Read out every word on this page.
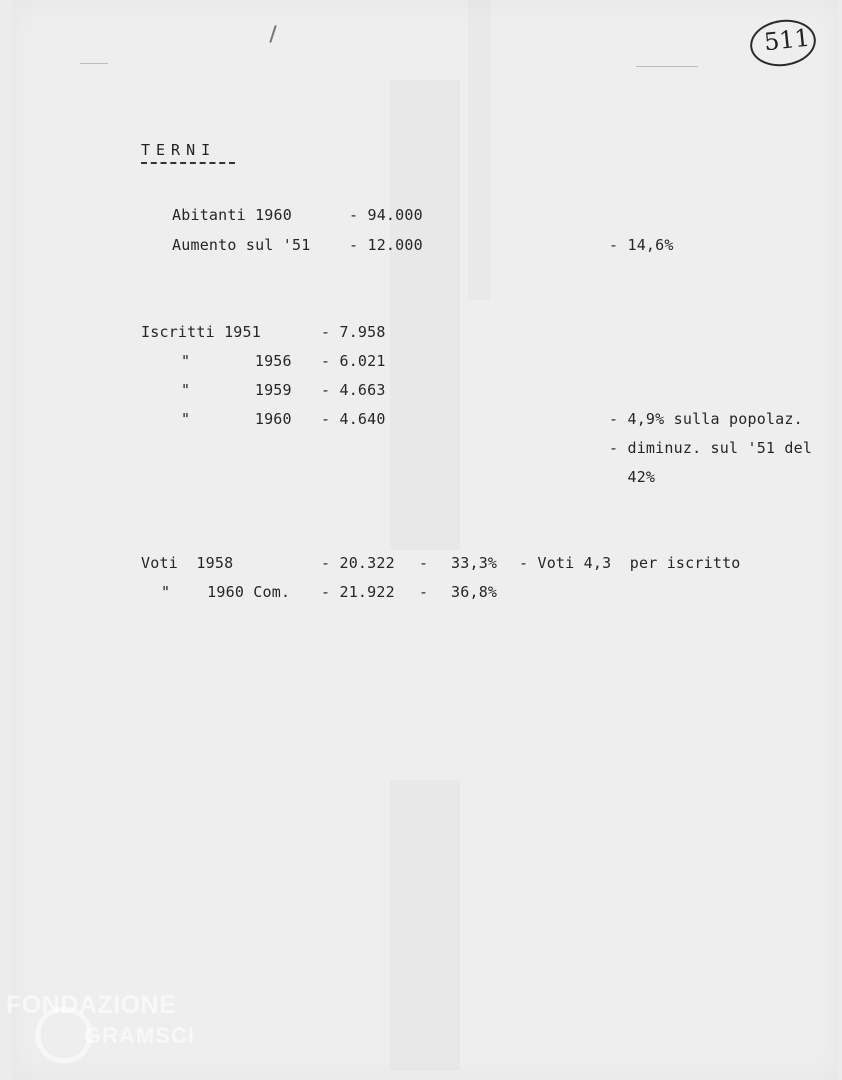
511
TERNI
Abitanti 1960	- 94.000
Aumento sul '51	- 12.000	- 14,6%
Iscritti 1951	- 7.958
"       1956 - 6.021
"       1959 - 4.663
"       1960 - 4.640	- 4,9% sulla popolaz.
- diminuz. sul '51 del
42%
Voti  1958	- 20.322 - 33,3% - Voti 4,3  per iscritto
"    1960 Com. - 21.922 - 36,8%
FONDAZIONE
GRAMSCI
